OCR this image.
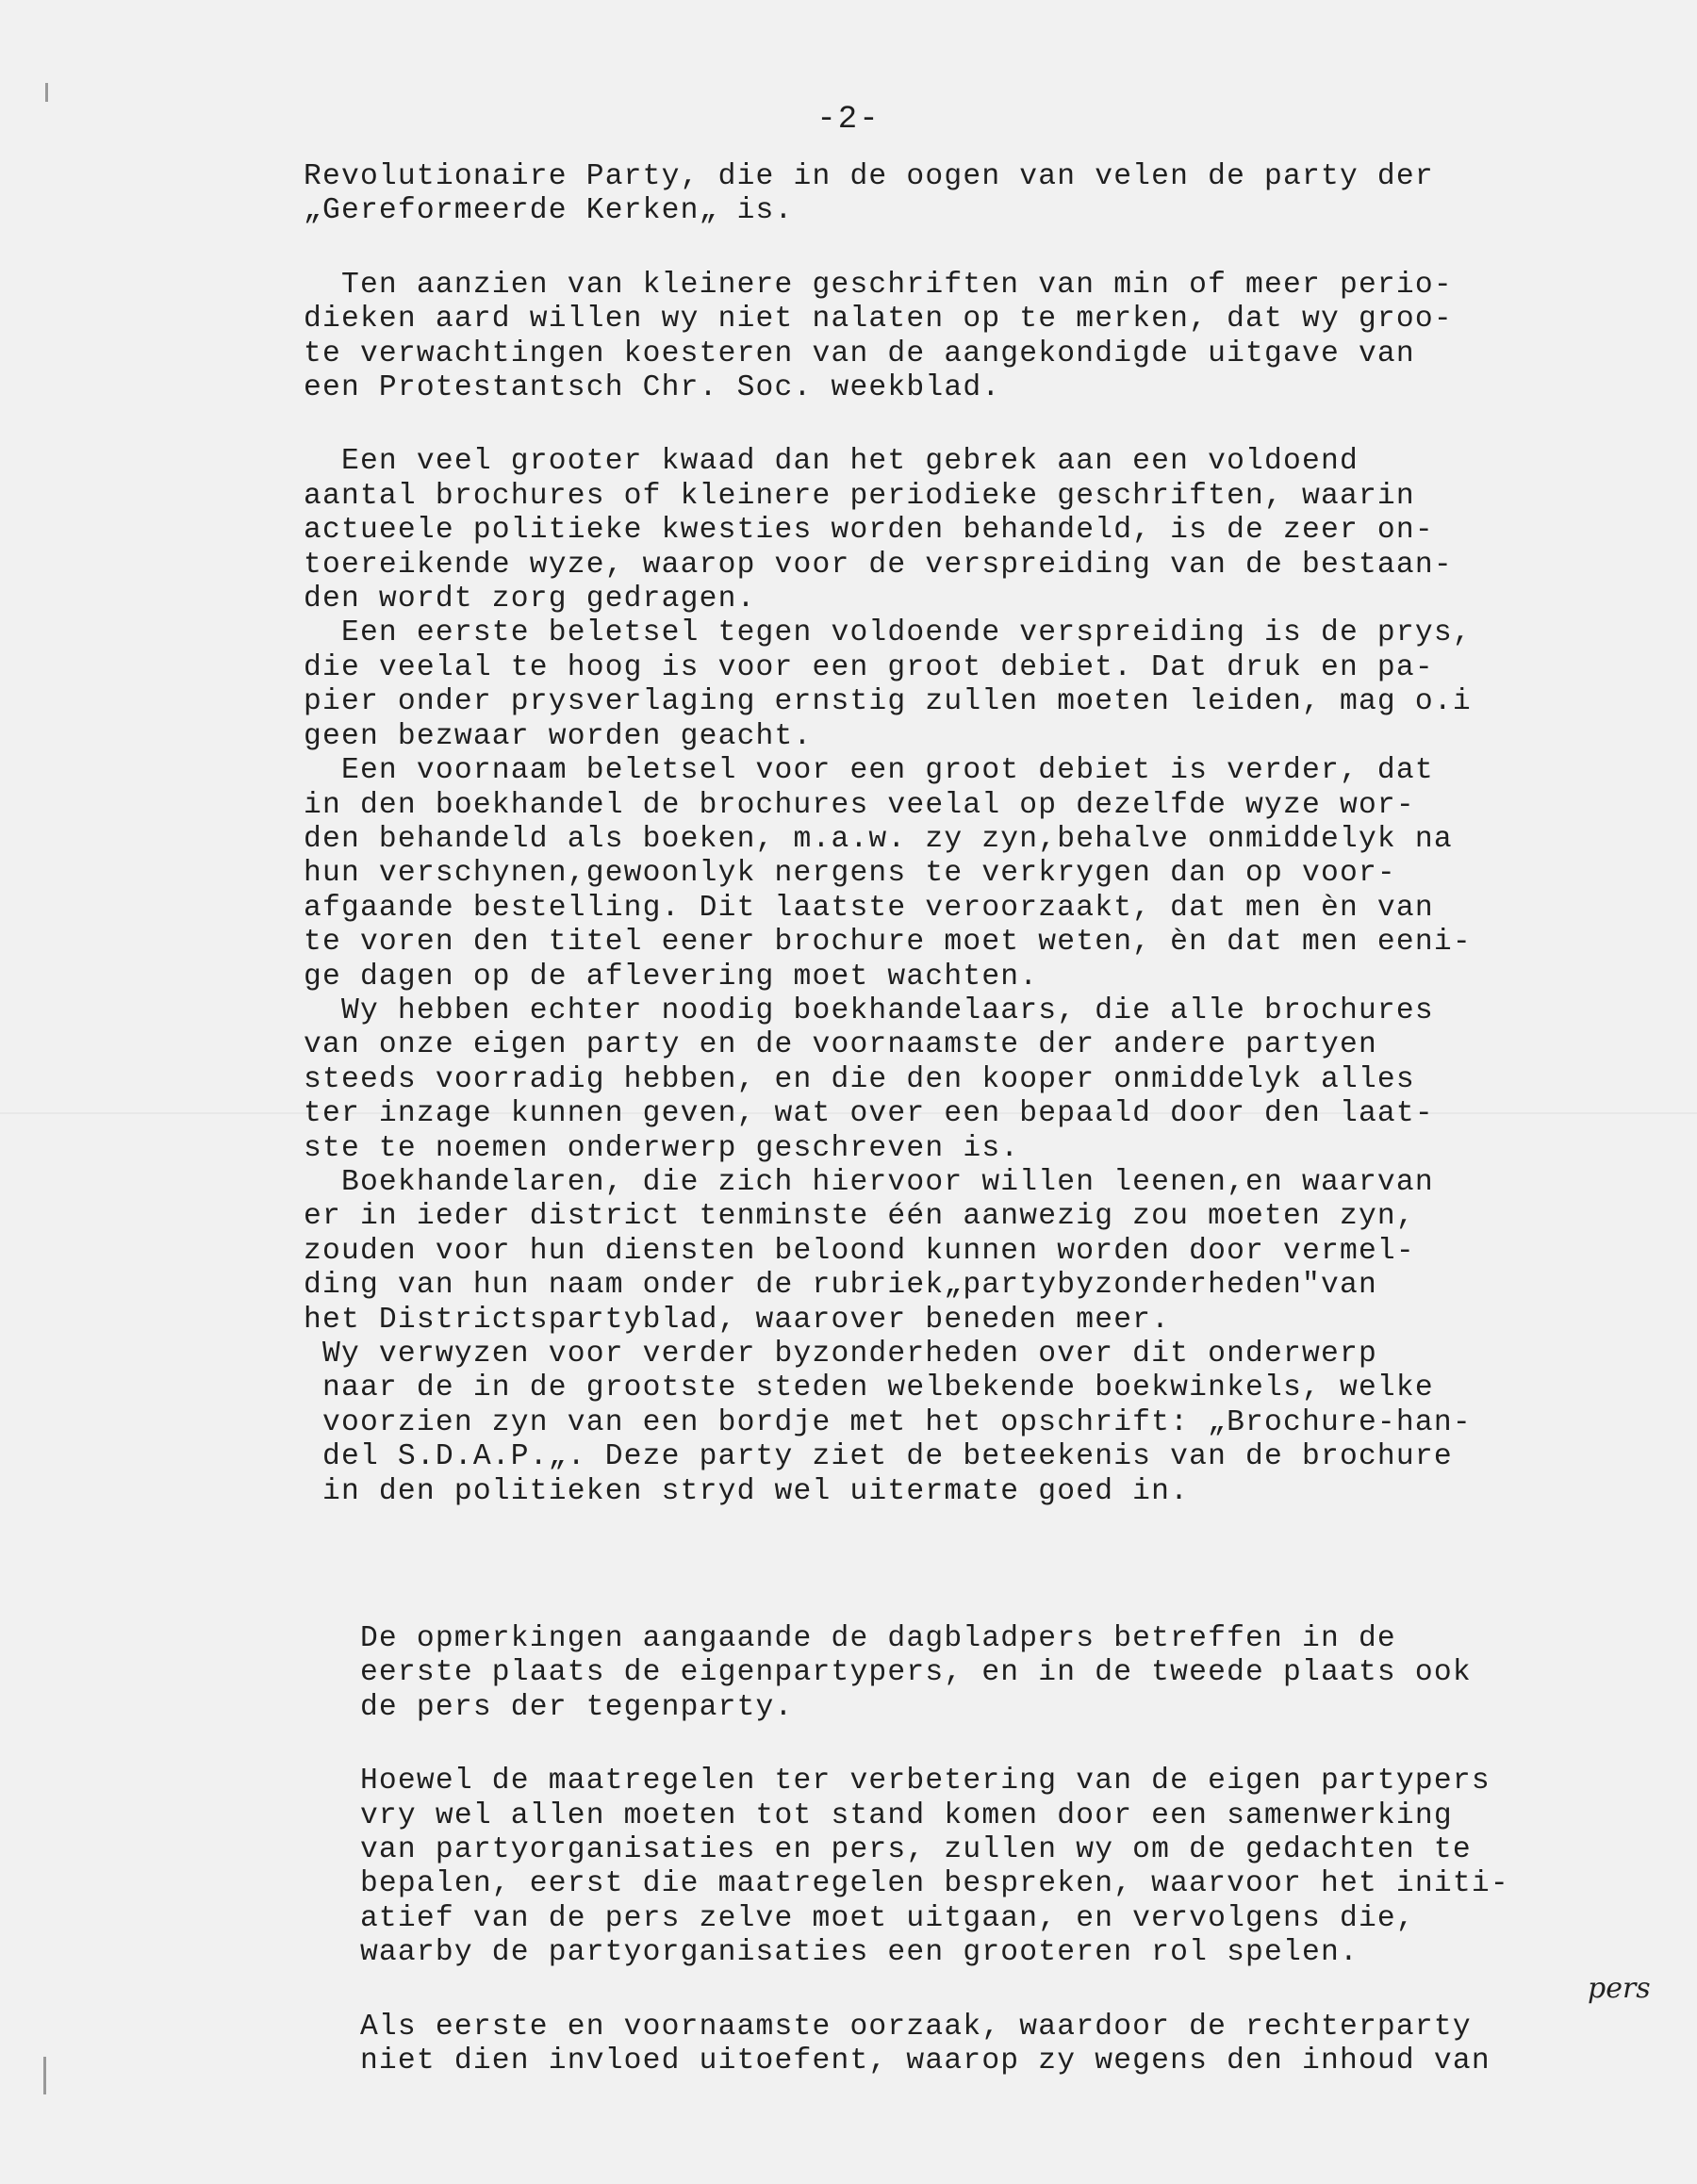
-2-
Revolutionaire Party, die in de oogen van velen de party der
„Gereformeerde Kerken„ is.
Ten aanzien van kleinere geschriften van min of meer perio-
dieken aard willen wy niet nalaten op te merken, dat wy groo-
te verwachtingen koesteren van de aangekondigde uitgave van
een Protestantsch Chr. Soc. weekblad.
Een veel grooter kwaad dan het gebrek aan een voldoend
aantal brochures of kleinere periodieke geschriften, waarin
actueele politieke kwesties worden behandeld, is de zeer on-
toereikende wyze, waarop voor de verspreiding van de bestaan-
den wordt zorg gedragen.
Een eerste beletsel tegen voldoende verspreiding is de prys,
die veelal te hoog is voor een groot debiet. Dat druk en pa-
pier onder prysverlaging ernstig zullen moeten leiden, mag o.i
geen bezwaar worden geacht.
Een voornaam beletsel voor een groot debiet is verder, dat
in den boekhandel de brochures veelal op dezelfde wyze wor-
den behandeld als boeken, m.a.w. zy zyn,behalve onmiddelyk na
hun verschynen,gewoonlyk nergens te verkrygen dan op voor-
afgaande bestelling. Dit laatste veroorzaakt, dat men èn van
te voren den titel eener brochure moet weten, èn dat men eeni-
ge dagen op de aflevering moet wachten.
Wy hebben echter noodig boekhandelaars, die alle brochures
van onze eigen party en de voornaamste der andere partyen
steeds voorradig hebben, en die den kooper onmiddelyk alles
ter inzage kunnen geven, wat over een bepaald door den laat-
ste te noemen onderwerp geschreven is.
Boekhandelaren, die zich hiervoor willen leenen,en waarvan
er in ieder district tenminste één aanwezig zou moeten zyn,
zouden voor hun diensten beloond kunnen worden door vermel-
ding van hun naam onder de rubriek„partybyzonderheden"van
het Districtspartyblad, waarover beneden meer.
Wy verwyzen voor verder byzonderheden over dit onderwerp
naar de in de grootste steden welbekende boekwinkels, welke
voorzien zyn van een bordje met het opschrift: „Brochure-han-
del S.D.A.P.„. Deze party ziet de beteekenis van de brochure
in den politieken stryd wel uitermate goed in.
De opmerkingen aangaande de dagbladpers betreffen in de
eerste plaats de eigenpartypers, en in de tweede plaats ook
de pers der tegenparty.
Hoewel de maatregelen ter verbetering van de eigen partypers
vry wel allen moeten tot stand komen door een samenwerking
van partyorganisaties en pers, zullen wy om de gedachten te
bepalen, eerst die maatregelen bespreken, waarvoor het initi-
atief van de pers zelve moet uitgaan, en vervolgens die,
waarby de partyorganisaties een grooteren rol spelen.
Als eerste en voornaamste oorzaak, waardoor de rechterparty
niet dien invloed uitoefent, waarop zy wegens den inhoud van
pers
